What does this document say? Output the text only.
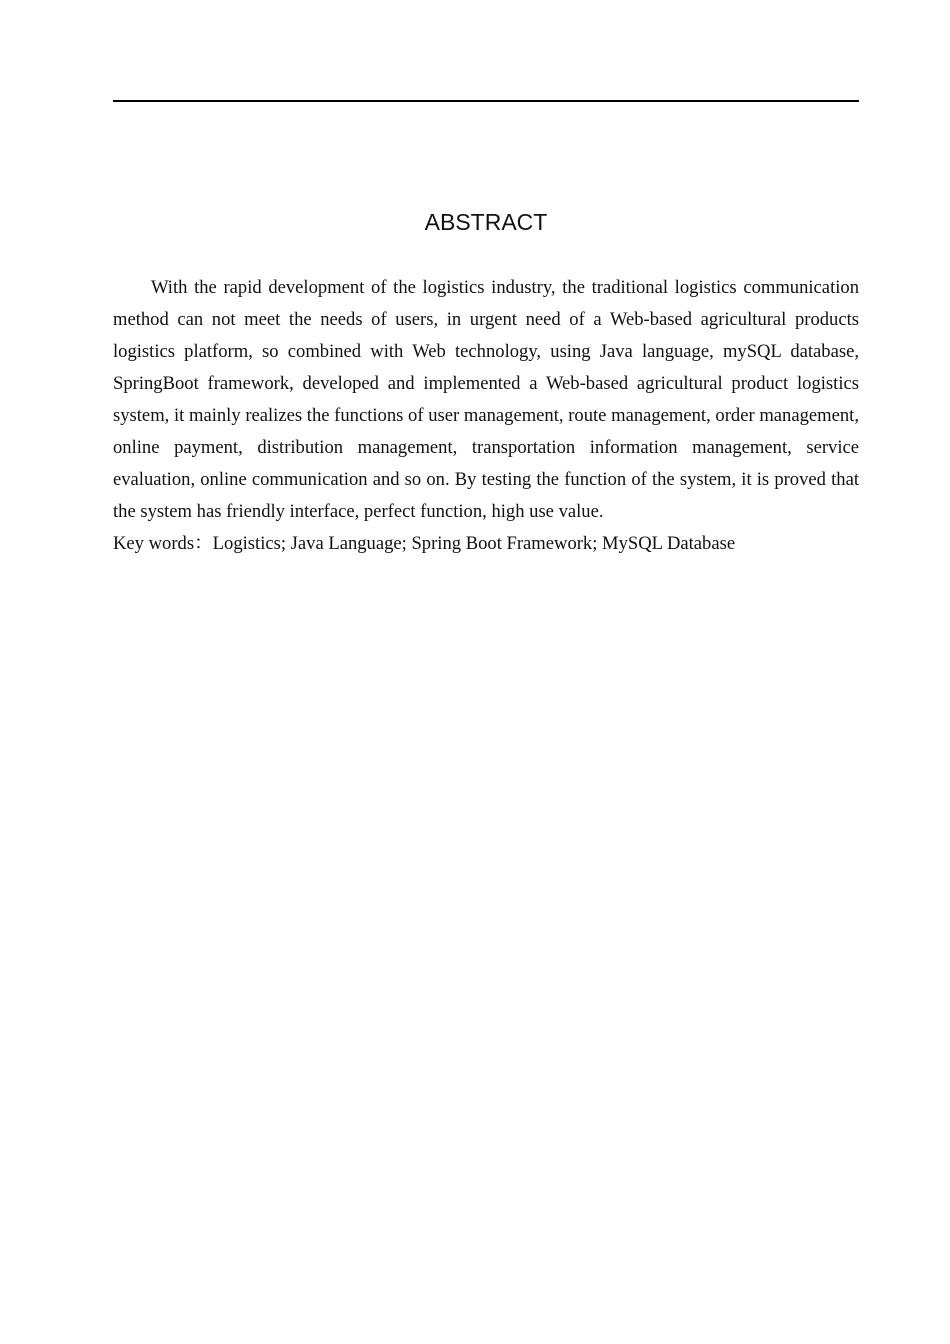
ABSTRACT

With the rapid development of the logistics industry, the traditional logistics communication method can not meet the needs of users, in urgent need of a Web-based agricultural products logistics platform, so combined with Web technology, using Java language, mySQL database, SpringBoot framework, developed and implemented a Web-based agricultural product logistics system, it mainly realizes the functions of user management, route management, order management, online payment, distribution management, transportation information management, service evaluation, online communication and so on. By testing the function of the system, it is proved that the system has friendly interface, perfect function, high use value.

Key words：Logistics; Java Language; Spring Boot Framework; MySQL Database
